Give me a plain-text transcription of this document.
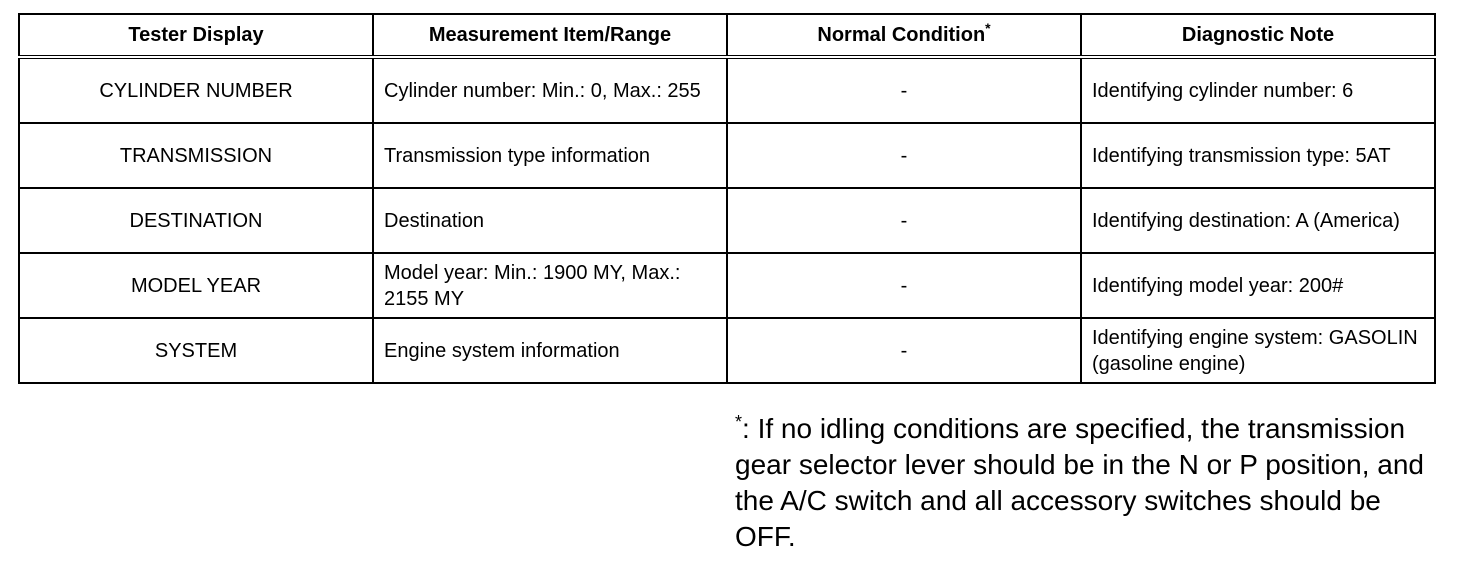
Tester Display	Measurement Item/Range	Normal Condition*	Diagnostic Note
CYLINDER NUMBER	Cylinder number: Min.: 0, Max.: 255	-	Identifying cylinder number: 6
TRANSMISSION	Transmission type information	-	Identifying transmission type: 5AT
DESTINATION	Destination	-	Identifying destination: A (America)
MODEL YEAR	Model year: Min.: 1900 MY, Max.: 2155 MY	-	Identifying model year: 200#
SYSTEM	Engine system information	-	Identifying engine system: GASOLIN (gasoline engine)

*: If no idling conditions are specified, the transmission gear selector lever should be in the N or P position, and the A/C switch and all accessory switches should be OFF.
